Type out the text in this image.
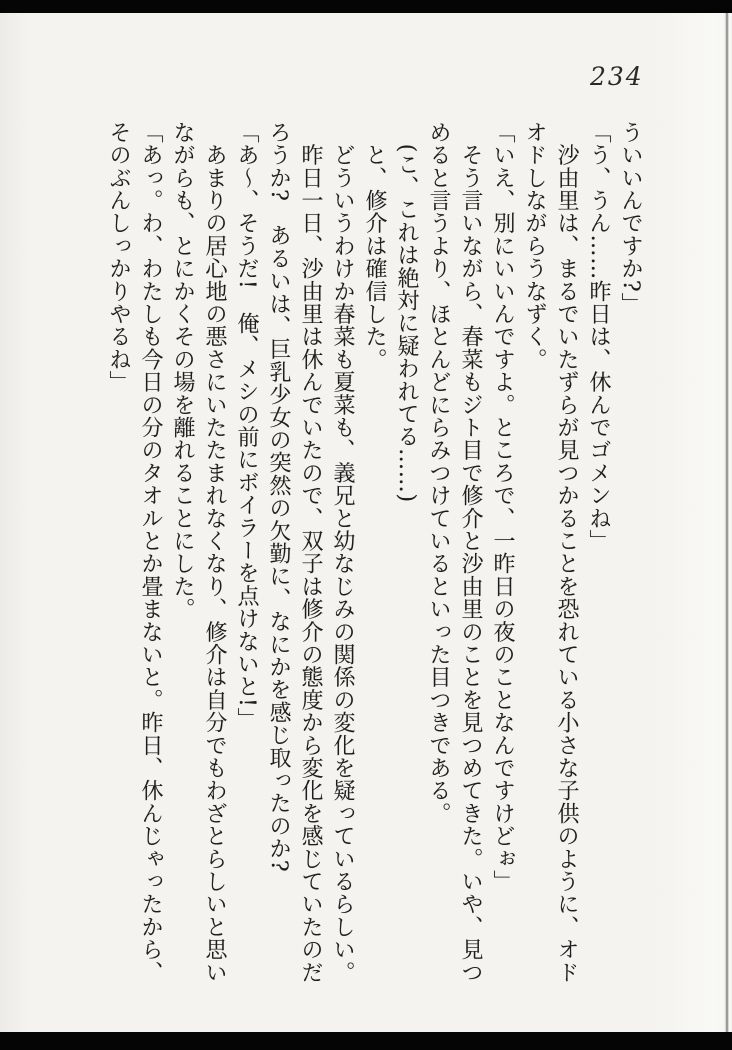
234

ういいんですか?」

「う、うん……昨日は、休んでゴメンね」

　沙由里は、まるでいたずらが見つかることを恐れている小さな子供のように、オドオドしながらうなずく。

「いえ、別にいいんですよ。ところで、一昨日の夜のことなんですけどぉ」

　そう言いながら、春菜もジト目で修介と沙由里のことを見つめてきた。いや、見つめると言うより、ほとんどにらみつけているといった目つきである。

　(こ、これは絶対に疑われてる……)

　と、修介は確信した。

　どういうわけか春菜も夏菜も、義兄と幼なじみの関係の変化を疑っているらしい。

　昨日一日、沙由里は休んでいたので、双子は修介の態度から変化を感じていたのだろうか?　あるいは、巨乳少女の突然の欠勤に、なにかを感じ取ったのか?

「あ〜、そうだ!　俺、メシの前にボイラーを点けないと!」

　あまりの居心地の悪さにいたたまれなくなり、修介は自分でもわざとらしいと思いながらも、とにかくその場を離れることにした。

「あっ。わ、わたしも今日の分のタオルとか畳まないと。昨日、休んじゃったから、そのぶんしっかりやるね」
